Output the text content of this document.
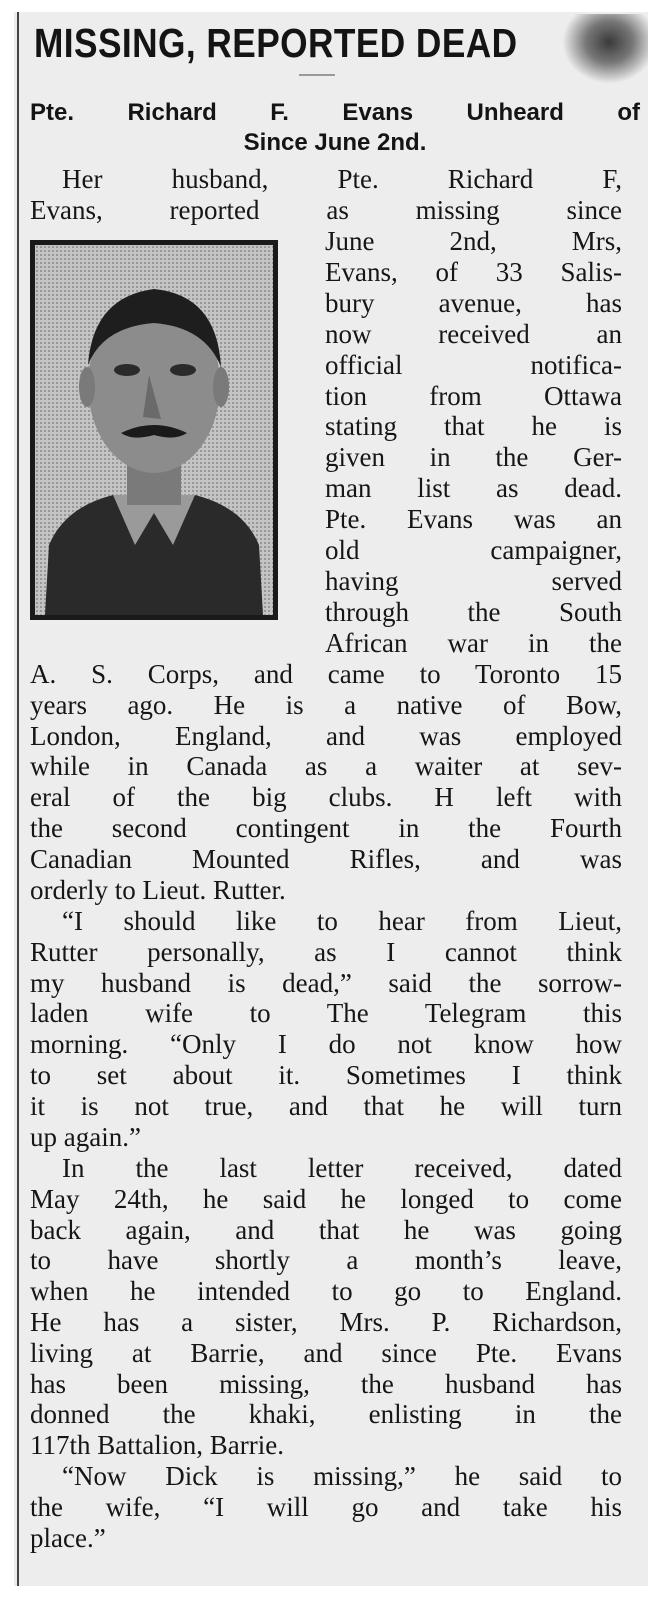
MISSING, REPORTED DEAD
Pte. Richard F. Evans Unheard of
Since June 2nd.
Her husband, Pte. Richard F,
Evans, reported as missing since
June 2nd, Mrs,
Evans, of 33 Salis-
bury avenue, has
now received an
official notifica-
tion from Ottawa
stating that he is
given in the Ger-
man list as dead.
Pte. Evans was an
old campaigner,
having served
through the South
African war in the
A. S. Corps, and came to Toronto 15
years ago. He is a native of Bow,
London, England, and was employed
while in Canada as a waiter at sev-
eral of the big clubs. H left with
the second contingent in the Fourth
Canadian Mounted Rifles, and was
orderly to Lieut. Rutter.
“I should like to hear from Lieut,
Rutter personally, as I cannot think
my husband is dead,” said the sorrow-
laden wife to The Telegram this
morning. “Only I do not know how
to set about it. Sometimes I think
it is not true, and that he will turn
up again.”
In the last letter received, dated
May 24th, he said he longed to come
back again, and that he was going
to have shortly a month’s leave,
when he intended to go to England.
He has a sister, Mrs. P. Richardson,
living at Barrie, and since Pte. Evans
has been missing, the husband has
donned the khaki, enlisting in the
117th Battalion, Barrie.
“Now Dick is missing,” he said to
the wife, “I will go and take his
place.”
